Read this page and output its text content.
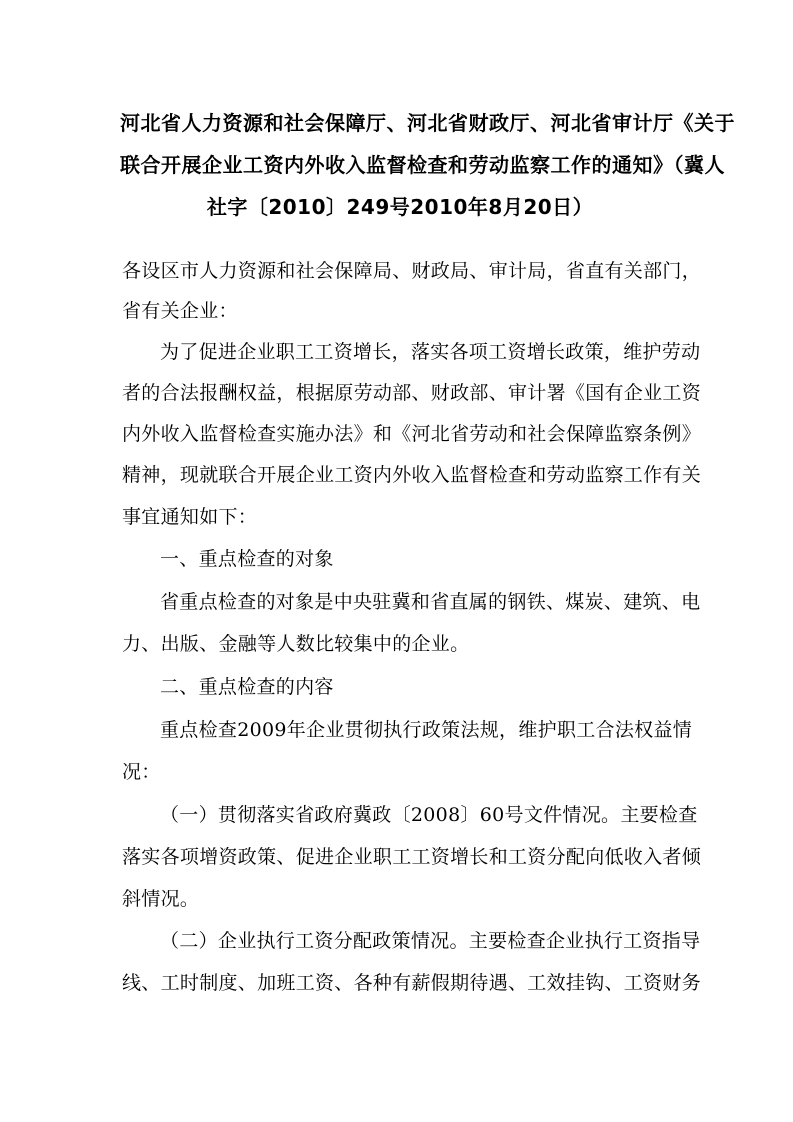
河北省人力资源和社会保障厅、河北省财政厅、河北省审计厅《关于
联合开展企业工资内外收入监督检查和劳动监察工作的通知》（冀人
社字〔2010〕249号2010年8月20日）
各设区市人力资源和社会保障局、财政局、审计局，省直有关部门，
省有关企业：
为了促进企业职工工资增长，落实各项工资增长政策，维护劳动
者的合法报酬权益，根据原劳动部、财政部、审计署《国有企业工资
内外收入监督检查实施办法》和《河北省劳动和社会保障监察条例》
精神，现就联合开展企业工资内外收入监督检查和劳动监察工作有关
事宜通知如下：
一、重点检查的对象
省重点检查的对象是中央驻冀和省直属的钢铁、煤炭、建筑、电
力、出版、金融等人数比较集中的企业。
二、重点检查的内容
重点检查2009年企业贯彻执行政策法规，维护职工合法权益情
况：
（一）贯彻落实省政府冀政〔2008〕60号文件情况。主要检查
落实各项增资政策、促进企业职工工资增长和工资分配向低收入者倾
斜情况。
（二）企业执行工资分配政策情况。主要检查企业执行工资指导
线、工时制度、加班工资、各种有薪假期待遇、工效挂钩、工资财务
